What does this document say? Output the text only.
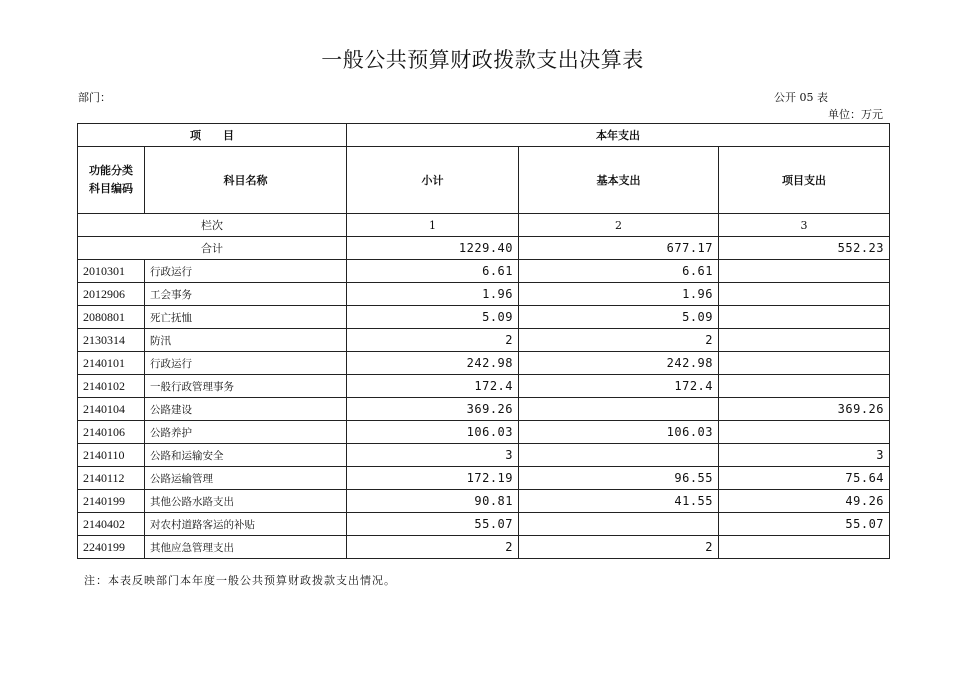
一般公共预算财政拨款支出决算表
部门：	公开 05 表
单位：万元
项　　目		本年支出		

功能分类
科目编码	科目名称	小计	基本支出	项目支出
栏次		1	2	3
合计		1229.40	677.17	552.23
2010301	行政运行	6.61	6.61	
2012906	工会事务	1.96	1.96	
2080801	死亡抚恤	5.09	5.09	
2130314	防汛	2	2	
2140101	行政运行	242.98	242.98	
2140102	一般行政管理事务	172.4	172.4	
2140104	公路建设	369.26		369.26
2140106	公路养护	106.03	106.03	
2140110	公路和运输安全	3		3
2140112	公路运输管理	172.19	96.55	75.64
2140199	其他公路水路支出	90.81	41.55	49.26
2140402	对农村道路客运的补贴	55.07		55.07
2240199	其他应急管理支出	2	2	
注：本表反映部门本年度一般公共预算财政拨款支出情况。
